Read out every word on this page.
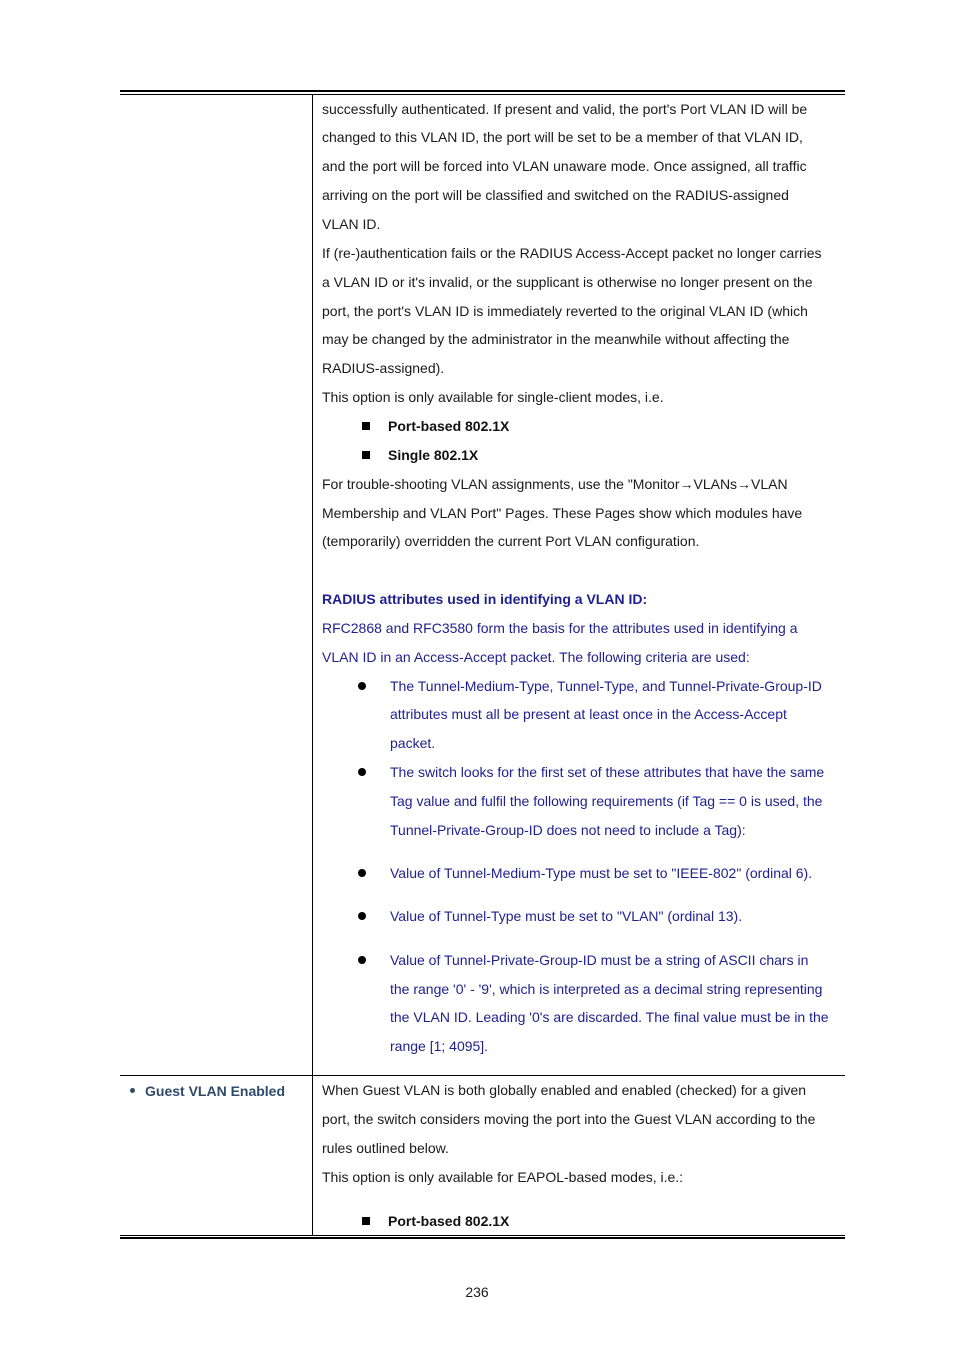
successfully authenticated. If present and valid, the port's Port VLAN ID will be
changed to this VLAN ID, the port will be set to be a member of that VLAN ID,
and the port will be forced into VLAN unaware mode. Once assigned, all traffic
arriving on the port will be classified and switched on the RADIUS-assigned
VLAN ID.
If (re-)authentication fails or the RADIUS Access-Accept packet no longer carries
a VLAN ID or it's invalid, or the supplicant is otherwise no longer present on the
port, the port's VLAN ID is immediately reverted to the original VLAN ID (which
may be changed by the administrator in the meanwhile without affecting the
RADIUS-assigned).
This option is only available for single-client modes, i.e.
Port-based 802.1X
Single 802.1X
For trouble-shooting VLAN assignments, use the "Monitor→VLANs→VLAN
Membership and VLAN Port" Pages. These Pages show which modules have
(temporarily) overridden the current Port VLAN configuration.
RADIUS attributes used in identifying a VLAN ID:
RFC2868 and RFC3580 form the basis for the attributes used in identifying a
VLAN ID in an Access-Accept packet. The following criteria are used:
The Tunnel-Medium-Type, Tunnel-Type, and Tunnel-Private-Group-ID
attributes must all be present at least once in the Access-Accept
packet.
The switch looks for the first set of these attributes that have the same
Tag value and fulfil the following requirements (if Tag == 0 is used, the
Tunnel-Private-Group-ID does not need to include a Tag):
Value of Tunnel-Medium-Type must be set to "IEEE-802" (ordinal 6).
Value of Tunnel-Type must be set to "VLAN" (ordinal 13).
Value of Tunnel-Private-Group-ID must be a string of ASCII chars in
the range '0' - '9', which is interpreted as a decimal string representing
the VLAN ID. Leading '0's are discarded. The final value must be in the
range [1; 4095].
Guest VLAN Enabled	When Guest VLAN is both globally enabled and enabled (checked) for a given
port, the switch considers moving the port into the Guest VLAN according to the
rules outlined below.
This option is only available for EAPOL-based modes, i.e.:
Port-based 802.1X
236
